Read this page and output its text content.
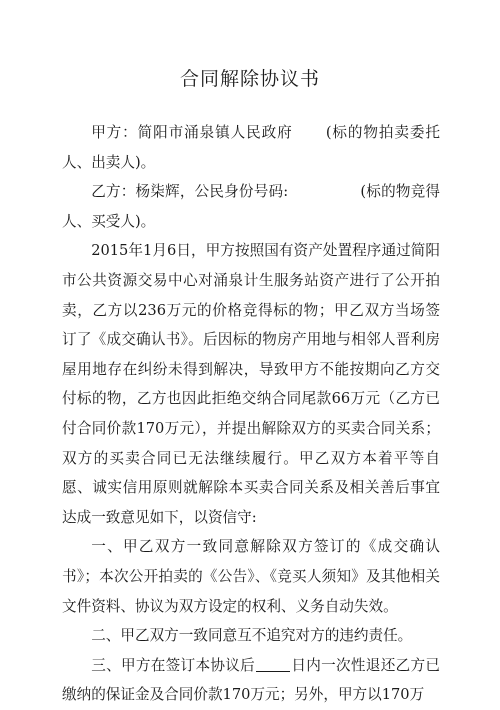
合同解除协议书

甲方：简阳市涌泉镇人民政府 (标的物拍卖委托人、出卖人)。

乙方：杨柒辉，公民身份号码:	(标的物竞得人、买受人)。

2015年1月6日，甲方按照国有资产处置程序通过简阳市公共资源交易中心对涌泉计生服务站资产进行了公开拍卖，乙方以236万元的价格竞得标的物；甲乙双方当场签订了《成交确认书》。后因标的物房产用地与相邻人晋利房屋用地存在纠纷未得到解决，导致甲方不能按期向乙方交付标的物，乙方也因此拒绝交纳合同尾款66万元（乙方已付合同价款170万元），并提出解除双方的买卖合同关系；双方的买卖合同已无法继续履行。甲乙双方本着平等自愿、诚实信用原则就解除本买卖合同关系及相关善后事宜达成一致意见如下，以资信守:

一、甲乙双方一致同意解除双方签订的《成交确认书》；本次公开拍卖的《公告》、《竞买人须知》及其他相关文件资料、协议为双方设定的权利、义务自动失效。

二、甲乙双方一致同意互不追究对方的违约责任。

三、甲方在签订本协议后 日内一次性退还乙方已缴纳的保证金及合同价款170万元；另外，甲方以170万
